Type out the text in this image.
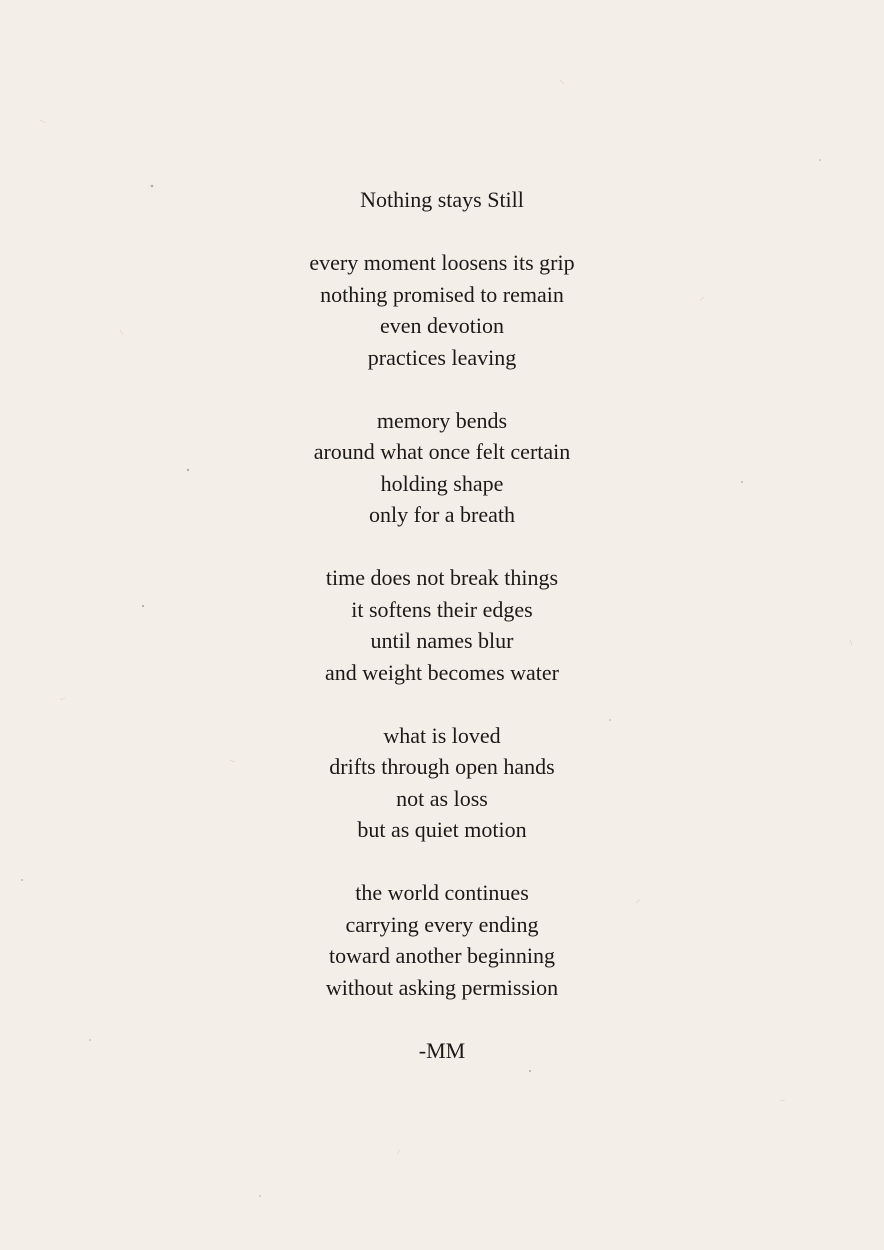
Nothing stays Still
every moment loosens its grip
nothing promised to remain
even devotion
practices leaving
memory bends
around what once felt certain
holding shape
only for a breath
time does not break things
it softens their edges
until names blur
and weight becomes water
what is loved
drifts through open hands
not as loss
but as quiet motion
the world continues
carrying every ending
toward another beginning
without asking permission
-MM
